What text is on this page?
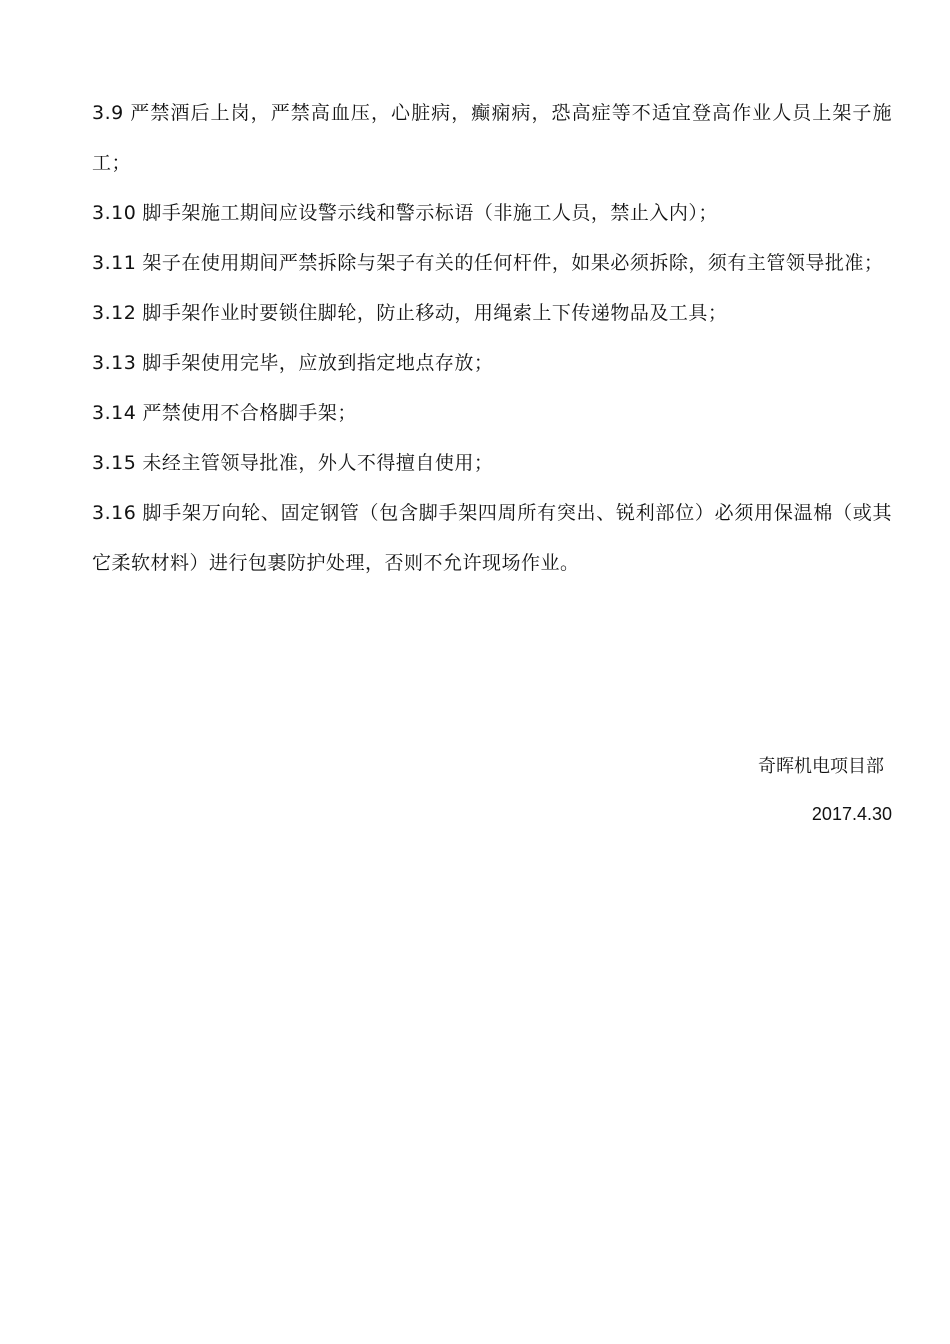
3.9 严禁酒后上岗，严禁高血压，心脏病，癫痫病，恐高症等不适宜登高作业人员上架子施工；

3.10 脚手架施工期间应设警示线和警示标语（非施工人员，禁止入内）；

3.11 架子在使用期间严禁拆除与架子有关的任何杆件，如果必须拆除，须有主管领导批准；

3.12 脚手架作业时要锁住脚轮，防止移动，用绳索上下传递物品及工具；

3.13 脚手架使用完毕，应放到指定地点存放；

3.14 严禁使用不合格脚手架；

3.15 未经主管领导批准，外人不得擅自使用；

3.16 脚手架万向轮、固定钢管（包含脚手架四周所有突出、锐利部位）必须用保温棉（或其它柔软材料）进行包裹防护处理，否则不允许现场作业。

奇晖机电项目部
2017.4.30
